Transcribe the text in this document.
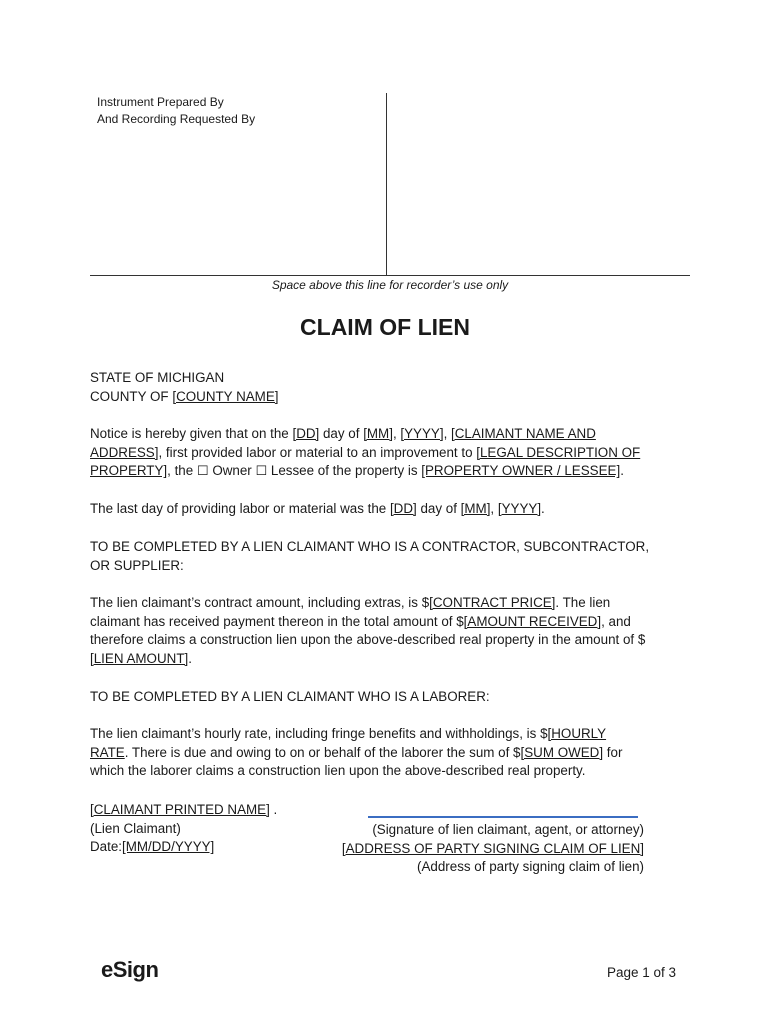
Instrument Prepared By
And Recording Requested By
Space above this line for recorder’s use only
CLAIM OF LIEN
STATE OF MICHIGAN
COUNTY OF [COUNTY NAME]
Notice is hereby given that on the [DD] day of [MM], [YYYY], [CLAIMANT NAME AND
ADDRESS], first provided labor or material to an improvement to [LEGAL DESCRIPTION OF
PROPERTY], the ☐ Owner ☐ Lessee of the property is [PROPERTY OWNER / LESSEE].
The last day of providing labor or material was the [DD] day of [MM], [YYYY].
TO BE COMPLETED BY A LIEN CLAIMANT WHO IS A CONTRACTOR, SUBCONTRACTOR,
OR SUPPLIER:
The lien claimant’s contract amount, including extras, is $[CONTRACT PRICE]. The lien
claimant has received payment thereon in the total amount of $[AMOUNT RECEIVED], and
therefore claims a construction lien upon the above-described real property in the amount of $
[LIEN AMOUNT].
TO BE COMPLETED BY A LIEN CLAIMANT WHO IS A LABORER:
The lien claimant’s hourly rate, including fringe benefits and withholdings, is $[HOURLY
RATE. There is due and owing to on or behalf of the laborer the sum of $[SUM OWED] for
which the laborer claims a construction lien upon the above-described real property.
[CLAIMANT PRINTED NAME] .
(Lien Claimant)
Date:[MM/DD/YYYY]
(Signature of lien claimant, agent, or attorney)
[ADDRESS OF PARTY SIGNING CLAIM OF LIEN]
(Address of party signing claim of lien)
eSign	Page 1 of 3
